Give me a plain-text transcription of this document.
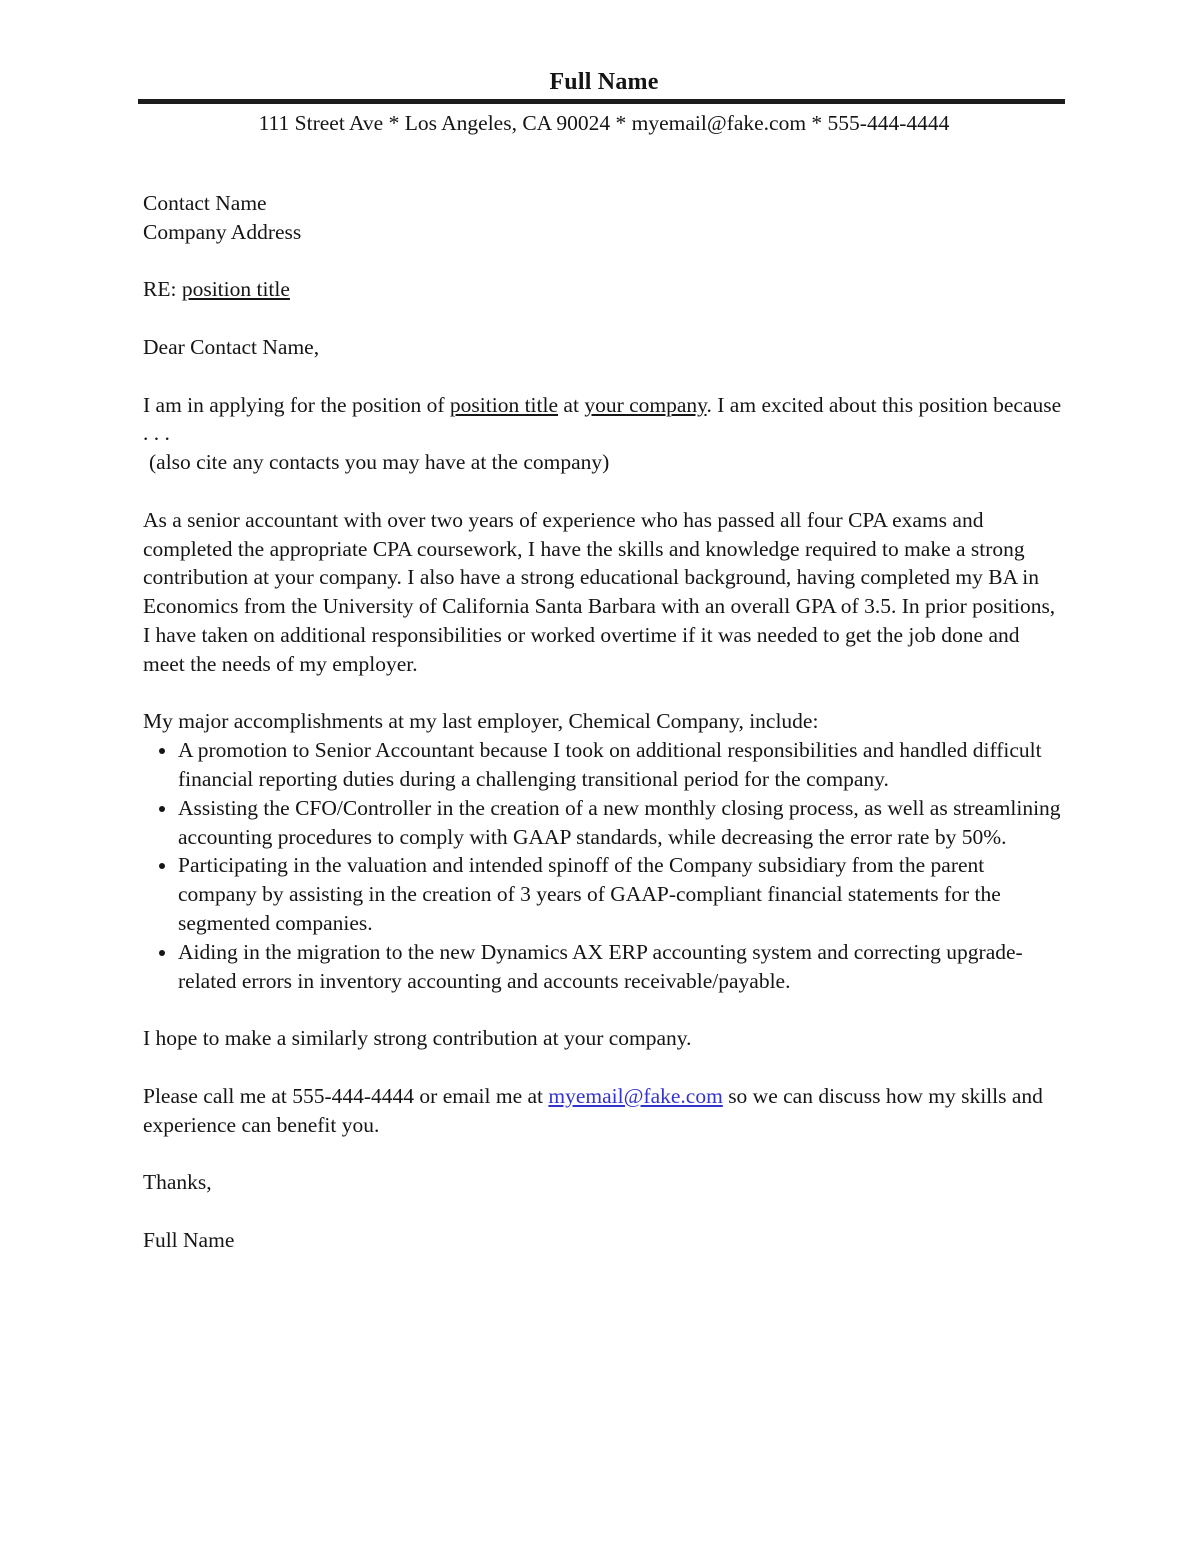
Full Name
111 Street Ave * Los Angeles, CA 90024 * myemail@fake.com * 555-444-4444
Contact Name
Company Address
RE: position title
Dear Contact Name,
I am in applying for the position of position title at your company. I am excited about this position because . . .
(also cite any contacts you may have at the company)
As a senior accountant with over two years of experience who has passed all four CPA exams and completed the appropriate CPA coursework, I have the skills and knowledge required to make a strong contribution at your company. I also have a strong educational background, having completed my BA in Economics from the University of California Santa Barbara with an overall GPA of 3.5. In prior positions, I have taken on additional responsibilities or worked overtime if it was needed to get the job done and meet the needs of my employer.
My major accomplishments at my last employer, Chemical Company, include:
• A promotion to Senior Accountant because I took on additional responsibilities and handled difficult financial reporting duties during a challenging transitional period for the company.
• Assisting the CFO/Controller in the creation of a new monthly closing process, as well as streamlining accounting procedures to comply with GAAP standards, while decreasing the error rate by 50%.
• Participating in the valuation and intended spinoff of the Company subsidiary from the parent company by assisting in the creation of 3 years of GAAP-compliant financial statements for the segmented companies.
• Aiding in the migration to the new Dynamics AX ERP accounting system and correcting upgrade-related errors in inventory accounting and accounts receivable/payable.
I hope to make a similarly strong contribution at your company.
Please call me at 555-444-4444 or email me at myemail@fake.com so we can discuss how my skills and experience can benefit you.
Thanks,
Full Name
